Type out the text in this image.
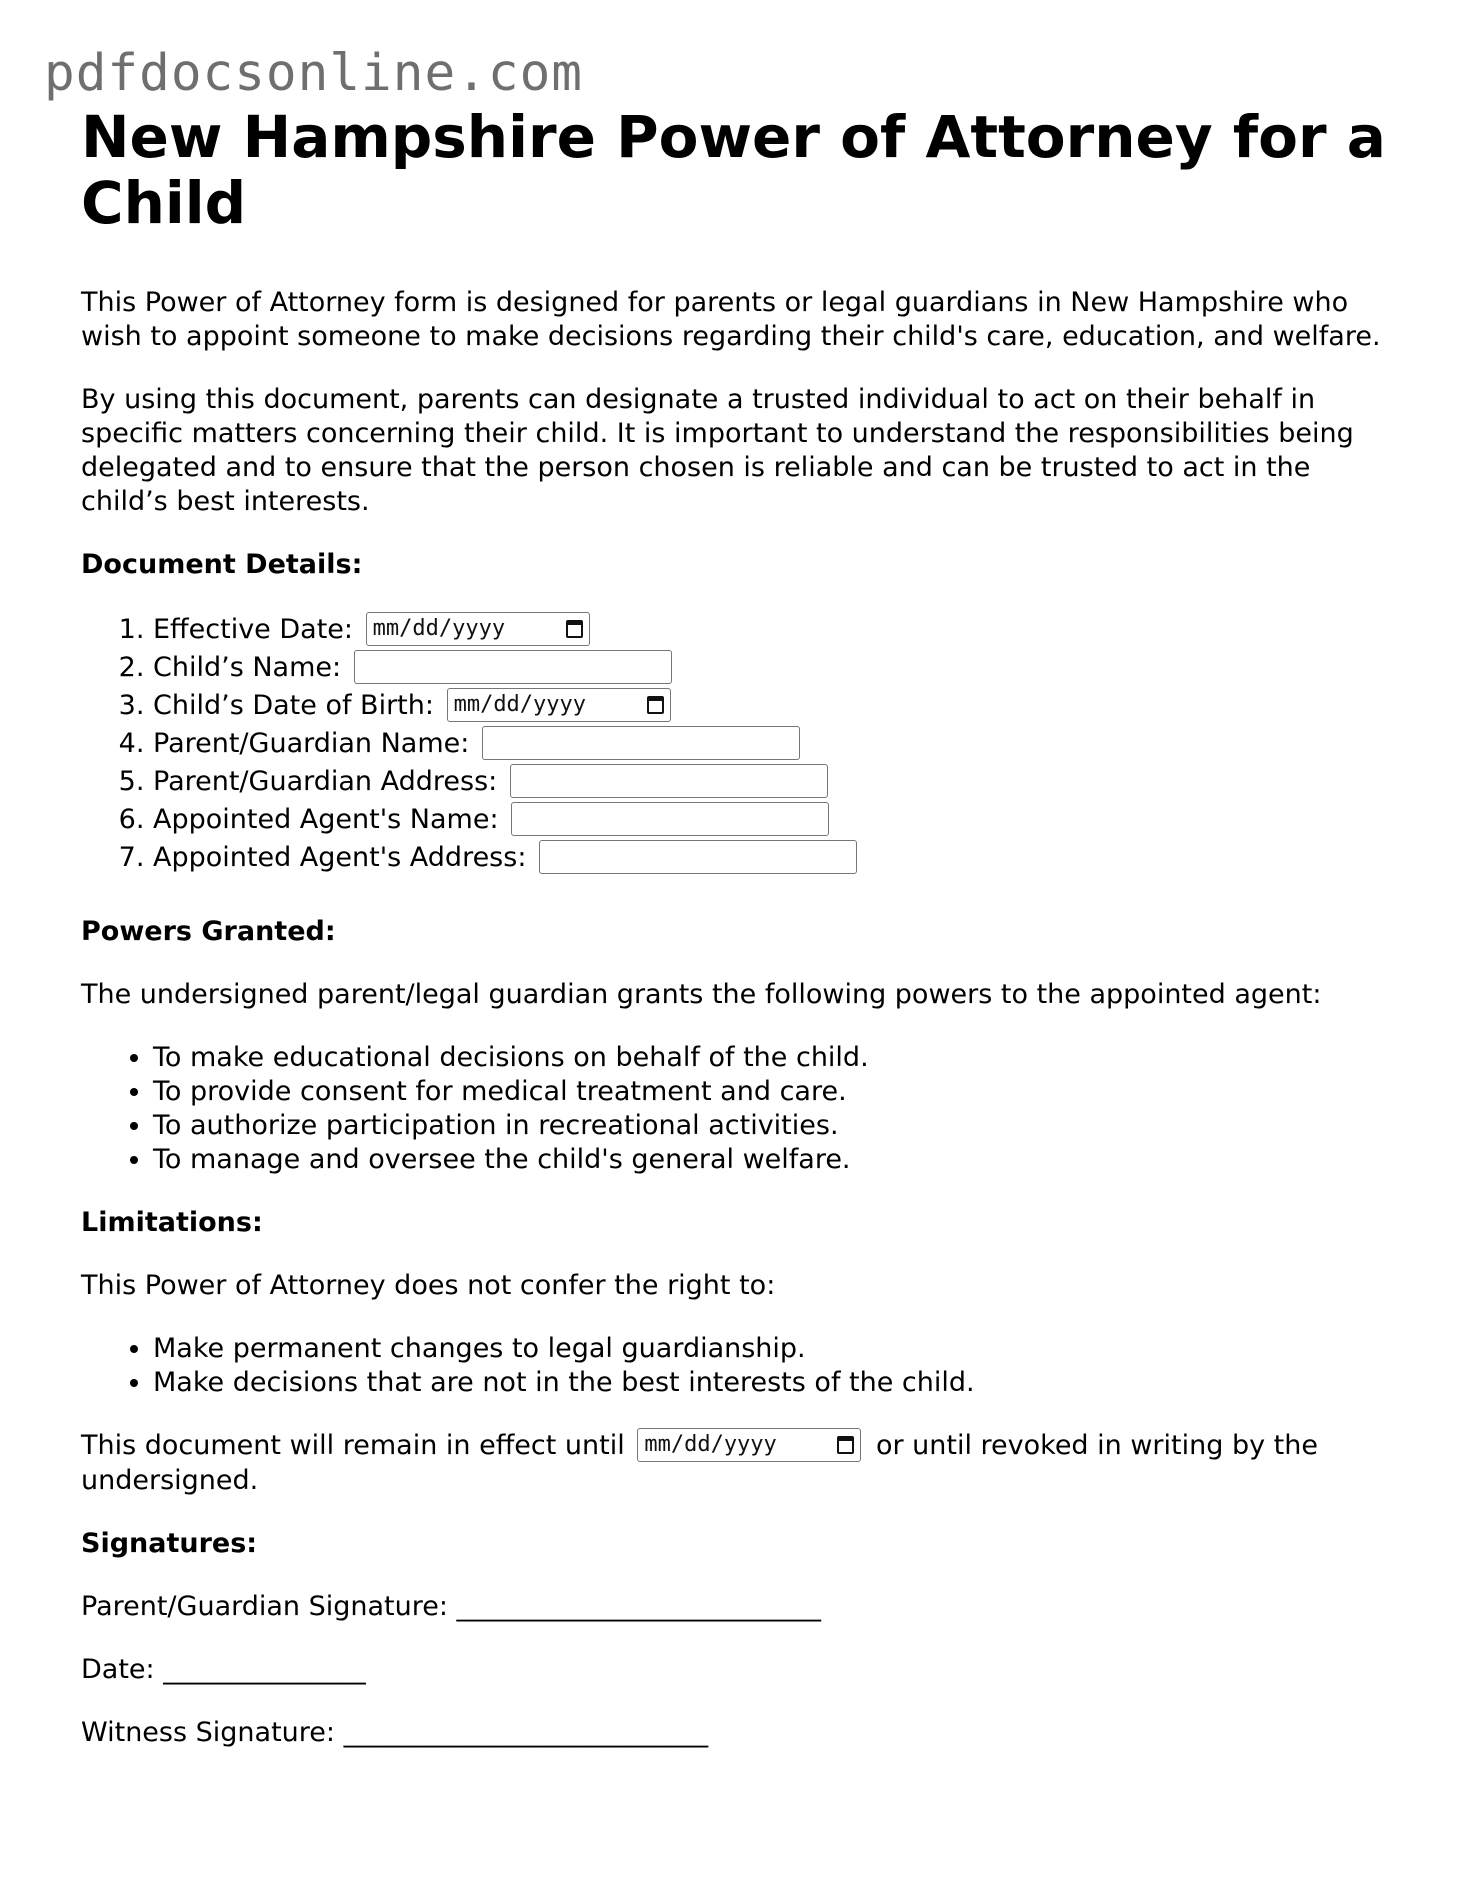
pdfdocsonline.com
New Hampshire Power of Attorney for a Child

This Power of Attorney form is designed for parents or legal guardians in New Hampshire who wish to appoint someone to make decisions regarding their child's care, education, and welfare.

By using this document, parents can designate a trusted individual to act on their behalf in specific matters concerning their child. It is important to understand the responsibilities being delegated and to ensure that the person chosen is reliable and can be trusted to act in the child’s best interests.

Document Details:
1. Effective Date: mm/dd/yyyy
2. Child’s Name:
3. Child’s Date of Birth: mm/dd/yyyy
4. Parent/Guardian Name:
5. Parent/Guardian Address:
6. Appointed Agent's Name:
7. Appointed Agent's Address:
Powers Granted:

The undersigned parent/legal guardian grants the following powers to the appointed agent:

• To make educational decisions on behalf of the child.
• To provide consent for medical treatment and care.
• To authorize participation in recreational activities.
• To manage and oversee the child's general welfare.
Limitations:

This Power of Attorney does not confer the right to:

• Make permanent changes to legal guardianship.
• Make decisions that are not in the best interests of the child.

This document will remain in effect until mm/dd/yyyy	or until revoked in writing by the undersigned.

Signatures:

Parent/Guardian Signature: ___________________________

Date: _______________

Witness Signature: ___________________________
